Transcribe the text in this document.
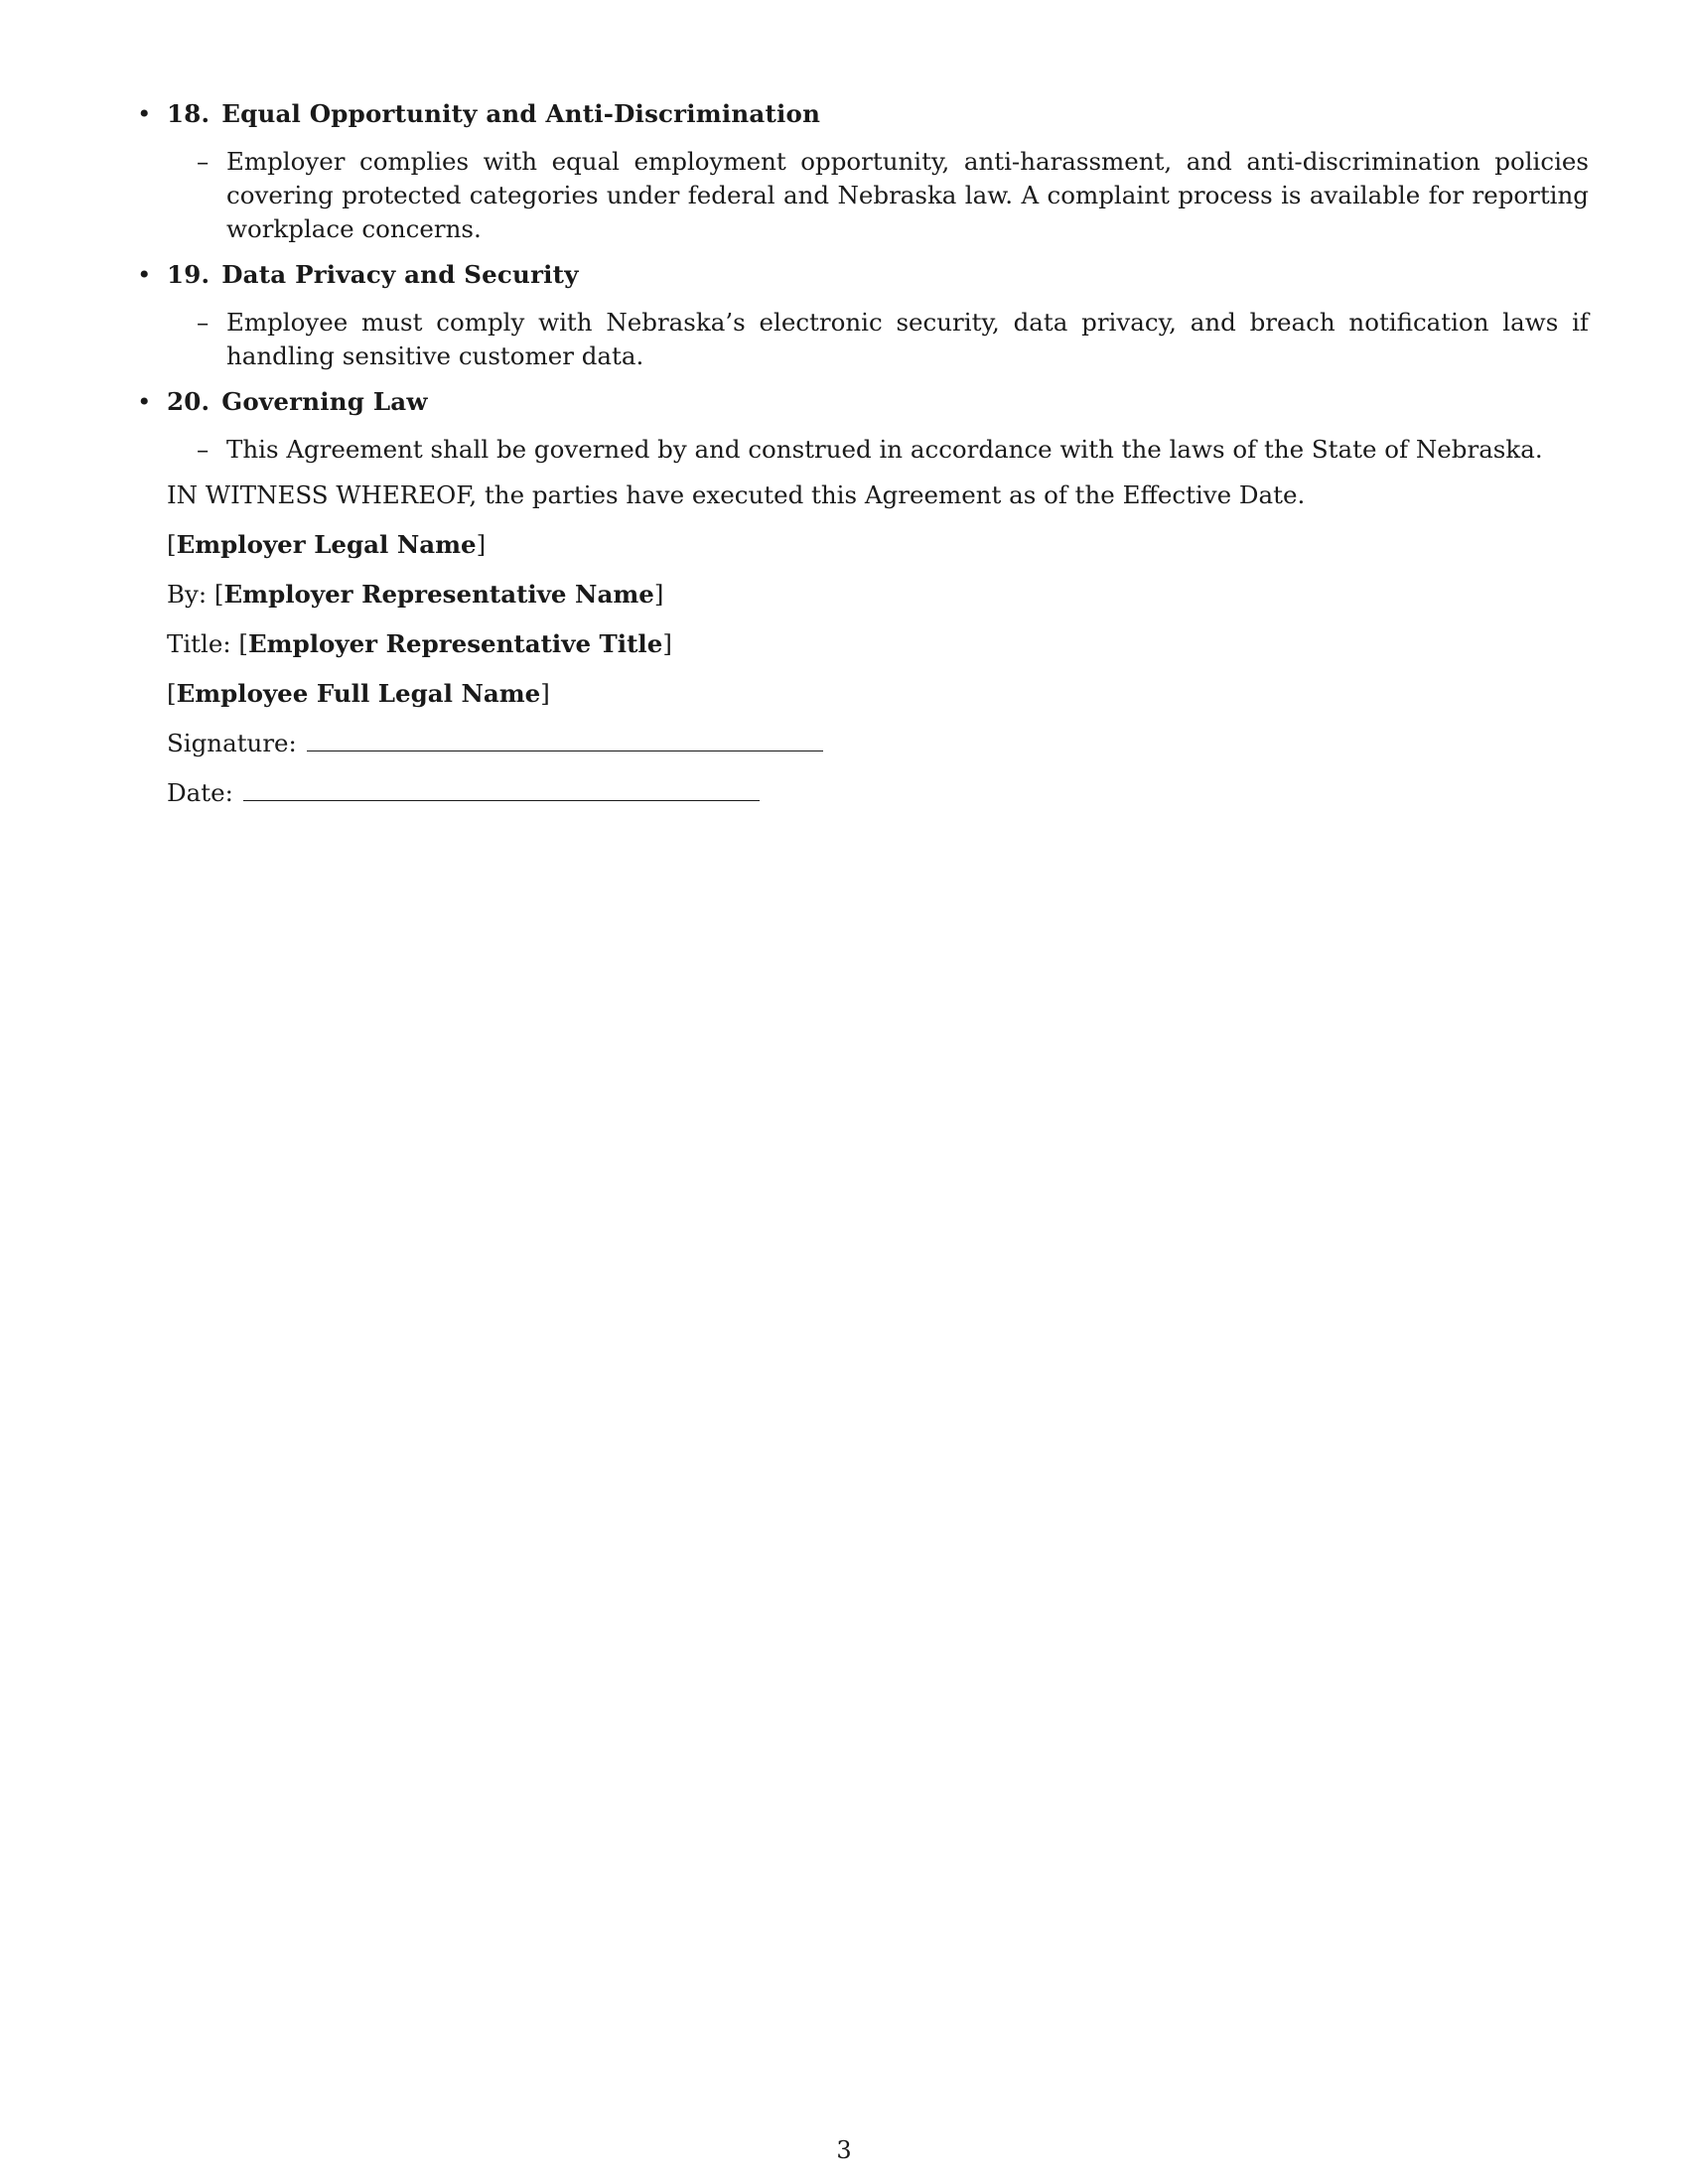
• 18. Equal Opportunity and Anti-Discrimination
– Employer complies with equal employment opportunity, anti-harassment, and anti-discrimination policies covering protected categories under federal and Nebraska law. A complaint process is available for reporting workplace concerns.
• 19. Data Privacy and Security
– Employee must comply with Nebraska’s electronic security, data privacy, and breach notification laws if handling sensitive customer data.
• 20. Governing Law
– This Agreement shall be governed by and construed in accordance with the laws of the State of Nebraska.
IN WITNESS WHEREOF, the parties have executed this Agreement as of the Effective Date.
[Employer Legal Name]
By: [Employer Representative Name]
Title: [Employer Representative Title]
[Employee Full Legal Name]
Signature:
Date:
3
